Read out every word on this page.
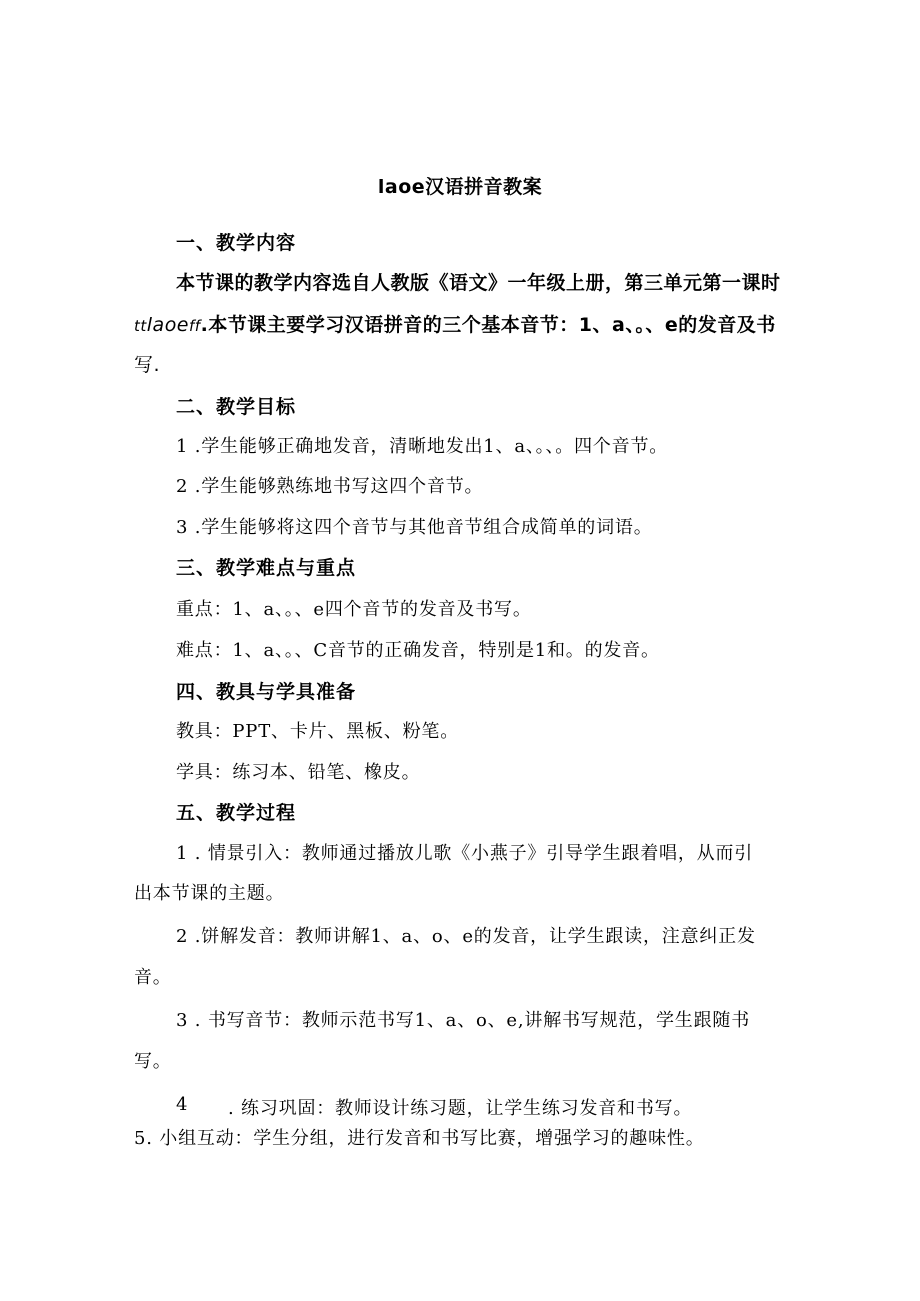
laoe汉语拼音教案
一、教学内容
本节课的教学内容选自人教版《语文》一年级上册，第三单元第一课时
ttlaoeff.本节课主要学习汉语拼音的三个基本音节：1、a、。、e的发音及书
写.
二、教学目标
1 .学生能够正确地发音，清晰地发出1、a、。、。四个音节。
2 .学生能够熟练地书写这四个音节。
3 .学生能够将这四个音节与其他音节组合成简单的词语。
三、教学难点与重点
重点：1、a、。、e四个音节的发音及书写。
难点：1、a、。、C音节的正确发音，特别是1和。的发音。
四、教具与学具准备
教具：PPT、卡片、黑板、粉笔。
学具：练习本、铅笔、橡皮。
五、教学过程
1 . 情景引入：教师通过播放儿歌《小燕子》引导学生跟着唱，从而引
出本节课的主题。
2 .饼解发音：教师讲解1、a、o、e的发音，让学生跟读，注意纠正发
音。
3 . 书写音节：教师示范书写1、a、o、e,讲解书写规范，学生跟随书
写。
4 . 练习巩固：教师设计练习题，让学生练习发音和书写。
5. 小组互动：学生分组，进行发音和书写比赛，增强学习的趣味性。
